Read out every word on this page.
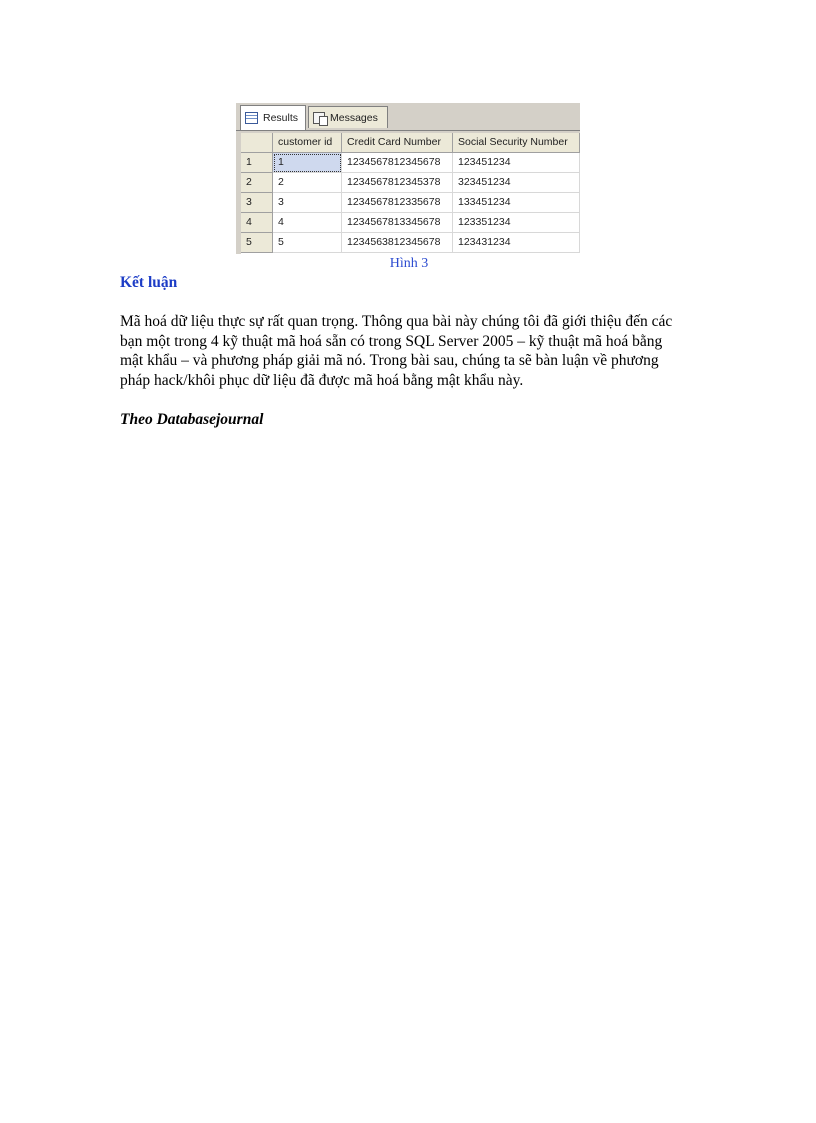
Results	Messages
customer id	Credit Card Number	Social Security Number
1	1	1234567812345678	123451234
2	2	1234567812345378	323451234
3	3	1234567812335678	133451234
4	4	1234567813345678	123351234
5	5	1234563812345678	123431234
Hình 3
Kết luận
Mã hoá dữ liệu thực sự rất quan trọng. Thông qua bài này chúng tôi đã giới thiệu đến các
bạn một trong 4 kỹ thuật mã hoá sẵn có trong SQL Server 2005 – kỹ thuật mã hoá bằng
mật khẩu – và phương pháp giải mã nó. Trong bài sau, chúng ta sẽ bàn luận về phương
pháp hack/khôi phục dữ liệu đã được mã hoá bằng mật khẩu này.
Theo Databasejournal
